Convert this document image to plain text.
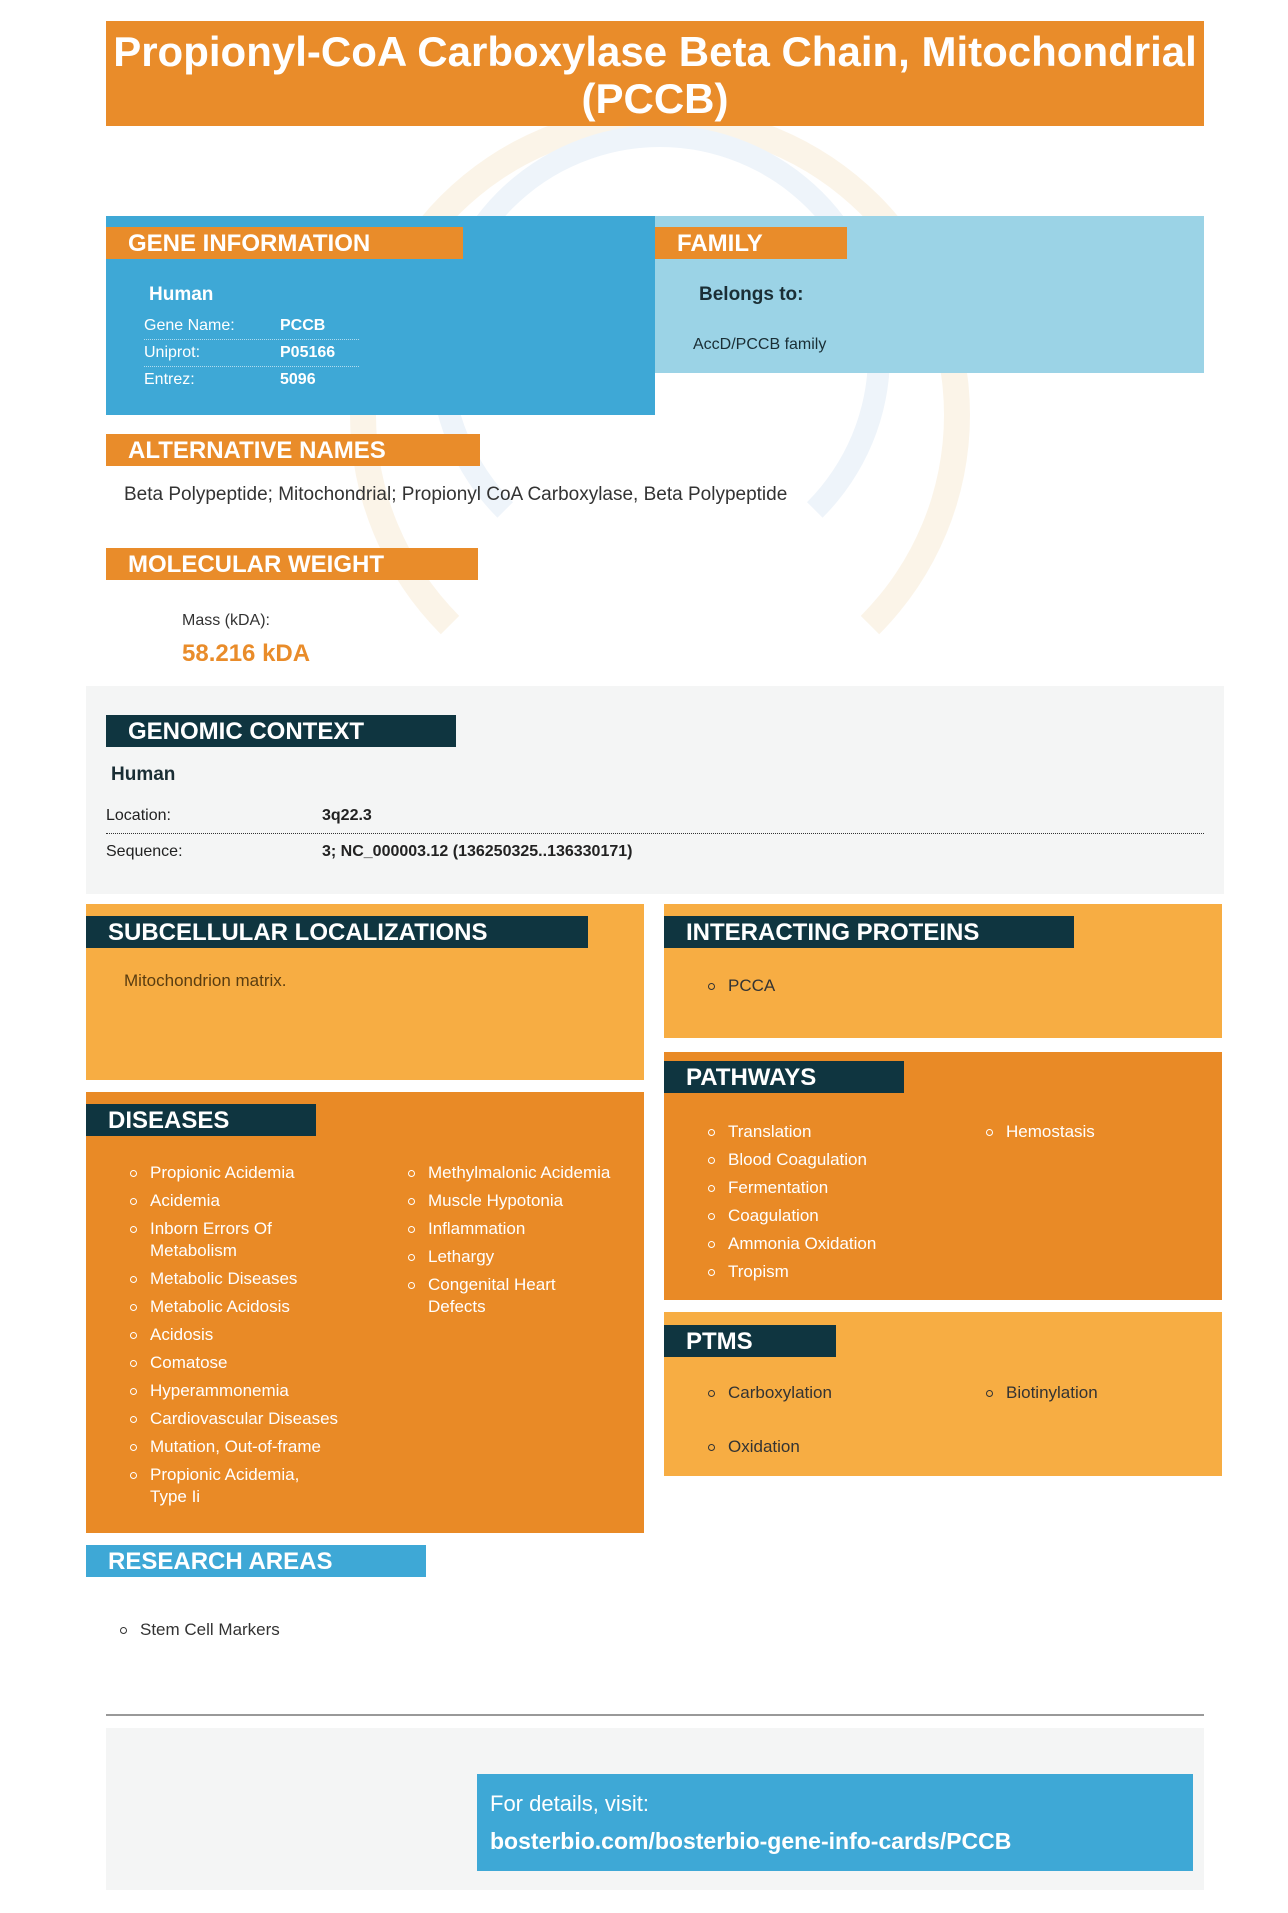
Propionyl-CoA Carboxylase Beta Chain, Mitochondrial (PCCB)
GENE INFORMATION
Human
Gene Name:	PCCB
Uniprot:	P05166
Entrez:	5096
FAMILY
Belongs to:
AccD/PCCB family
ALTERNATIVE NAMES
Beta Polypeptide; Mitochondrial; Propionyl CoA Carboxylase, Beta Polypeptide
MOLECULAR WEIGHT
Mass (kDA):
58.216 kDA
GENOMIC CONTEXT
Human
Location:	3q22.3
Sequence:	3; NC_000003.12 (136250325..136330171)
SUBCELLULAR LOCALIZATIONS
Mitochondrion matrix.
INTERACTING PROTEINS
PCCA
DISEASES
Propionic Acidemia
Acidemia
Inborn Errors Of Metabolism
Metabolic Diseases
Metabolic Acidosis
Acidosis
Comatose
Hyperammonemia
Cardiovascular Diseases
Mutation, Out-of-frame
Propionic Acidemia, Type Ii
Methylmalonic Acidemia
Muscle Hypotonia
Inflammation
Lethargy
Congenital Heart Defects
PATHWAYS
Translation
Blood Coagulation
Fermentation
Coagulation
Ammonia Oxidation
Tropism
Hemostasis
PTMS
Carboxylation
Oxidation
Biotinylation
RESEARCH AREAS
Stem Cell Markers
For details, visit:
bosterbio.com/bosterbio-gene-info-cards/PCCB
